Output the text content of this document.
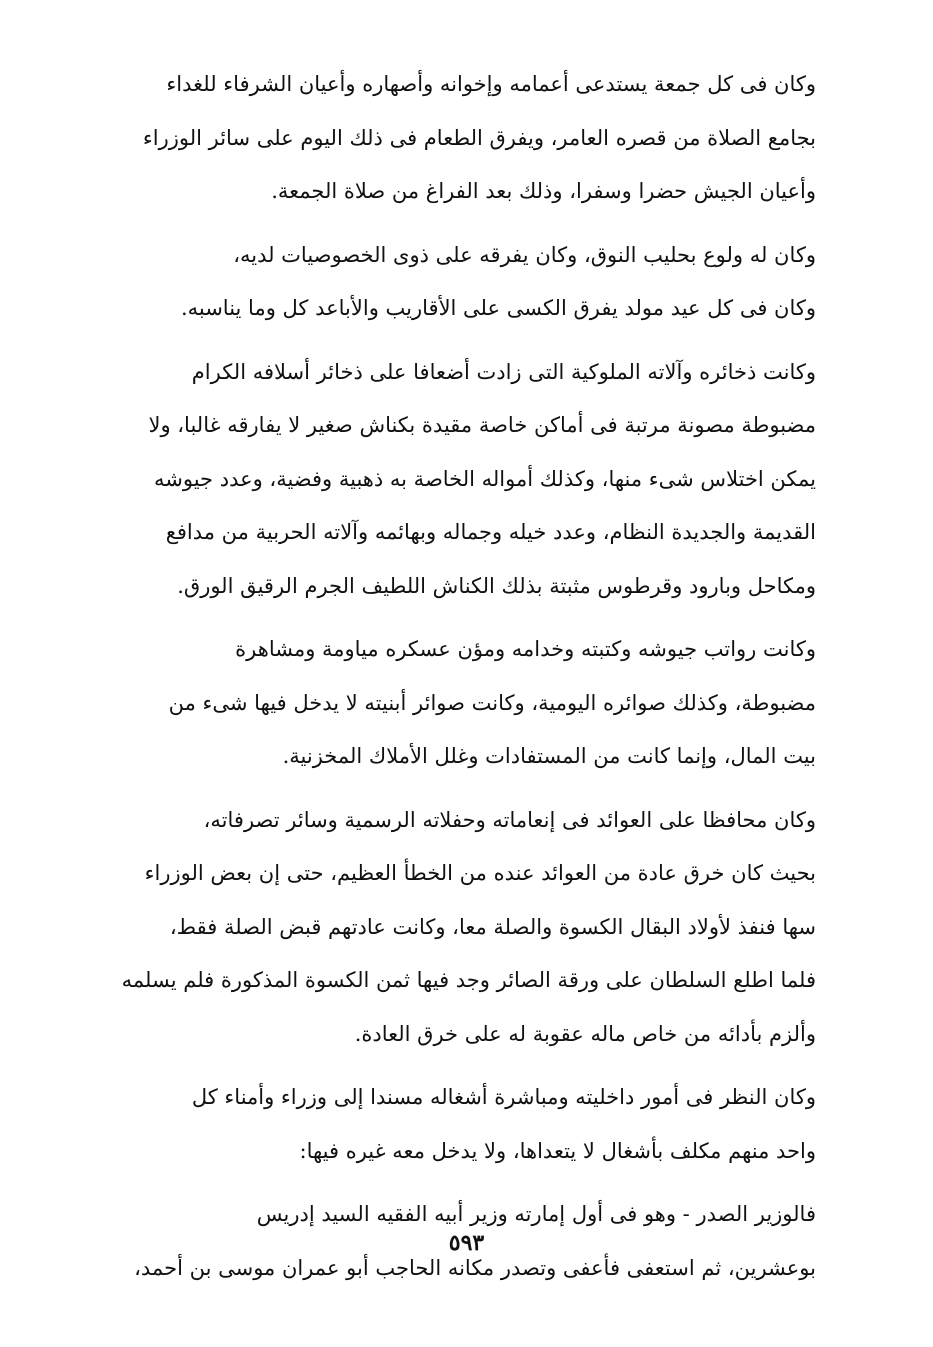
وكان فى كل جمعة يستدعى أعمامه وإخوانه وأصهاره وأعيان الشرفاء للغداء
بجامع الصلاة من قصره العامر، ويفرق الطعام فى ذلك اليوم على سائر الوزراء
وأعيان الجيش حضرا وسفرا، وذلك بعد الفراغ من صلاة الجمعة.

وكان له ولوع بحليب النوق، وكان يفرقه على ذوى الخصوصيات لديه،
وكان فى كل عيد مولد يفرق الكسى على الأقاريب والأباعد كل وما يناسبه.

وكانت ذخائره وآلاته الملوكية التى زادت أضعافا على ذخائر أسلافه الكرام
مضبوطة مصونة مرتبة فى أماكن خاصة مقيدة بكناش صغير لا يفارقه غالبا، ولا
يمكن اختلاس شىء منها، وكذلك أمواله الخاصة به ذهبية وفضية، وعدد جيوشه
القديمة والجديدة النظام، وعدد خيله وجماله وبهائمه وآلاته الحربية من مدافع
ومكاحل وبارود وقرطوس مثبتة بذلك الكناش اللطيف الجرم الرقيق الورق.

وكانت رواتب جيوشه وكتبته وخدامه ومؤن عسكره مياومة ومشاهرة
مضبوطة، وكذلك صوائره اليومية، وكانت صوائر أبنيته لا يدخل فيها شىء من
بيت المال، وإنما كانت من المستفادات وغلل الأملاك المخزنية.

وكان محافظا على العوائد فى إنعاماته وحفلاته الرسمية وسائر تصرفاته،
بحيث كان خرق عادة من العوائد عنده من الخطأ العظيم، حتى إن بعض الوزراء
سها فنفذ لأولاد البقال الكسوة والصلة معا، وكانت عادتهم قبض الصلة فقط،
فلما اطلع السلطان على ورقة الصائر وجد فيها ثمن الكسوة المذكورة فلم يسلمه
وألزم بأدائه من خاص ماله عقوبة له على خرق العادة.

وكان النظر فى أمور داخليته ومباشرة أشغاله مسندا إلى وزراء وأمناء كل
واحد منهم مكلف بأشغال لا يتعداها، ولا يدخل معه غيره فيها:

فالوزير الصدر - وهو فى أول إمارته وزير أبيه الفقيه السيد إدريس
بوعشرين، ثم استعفى فأعفى وتصدر مكانه الحاجب أبو عمران موسى بن أحمد،

٥٩٣
